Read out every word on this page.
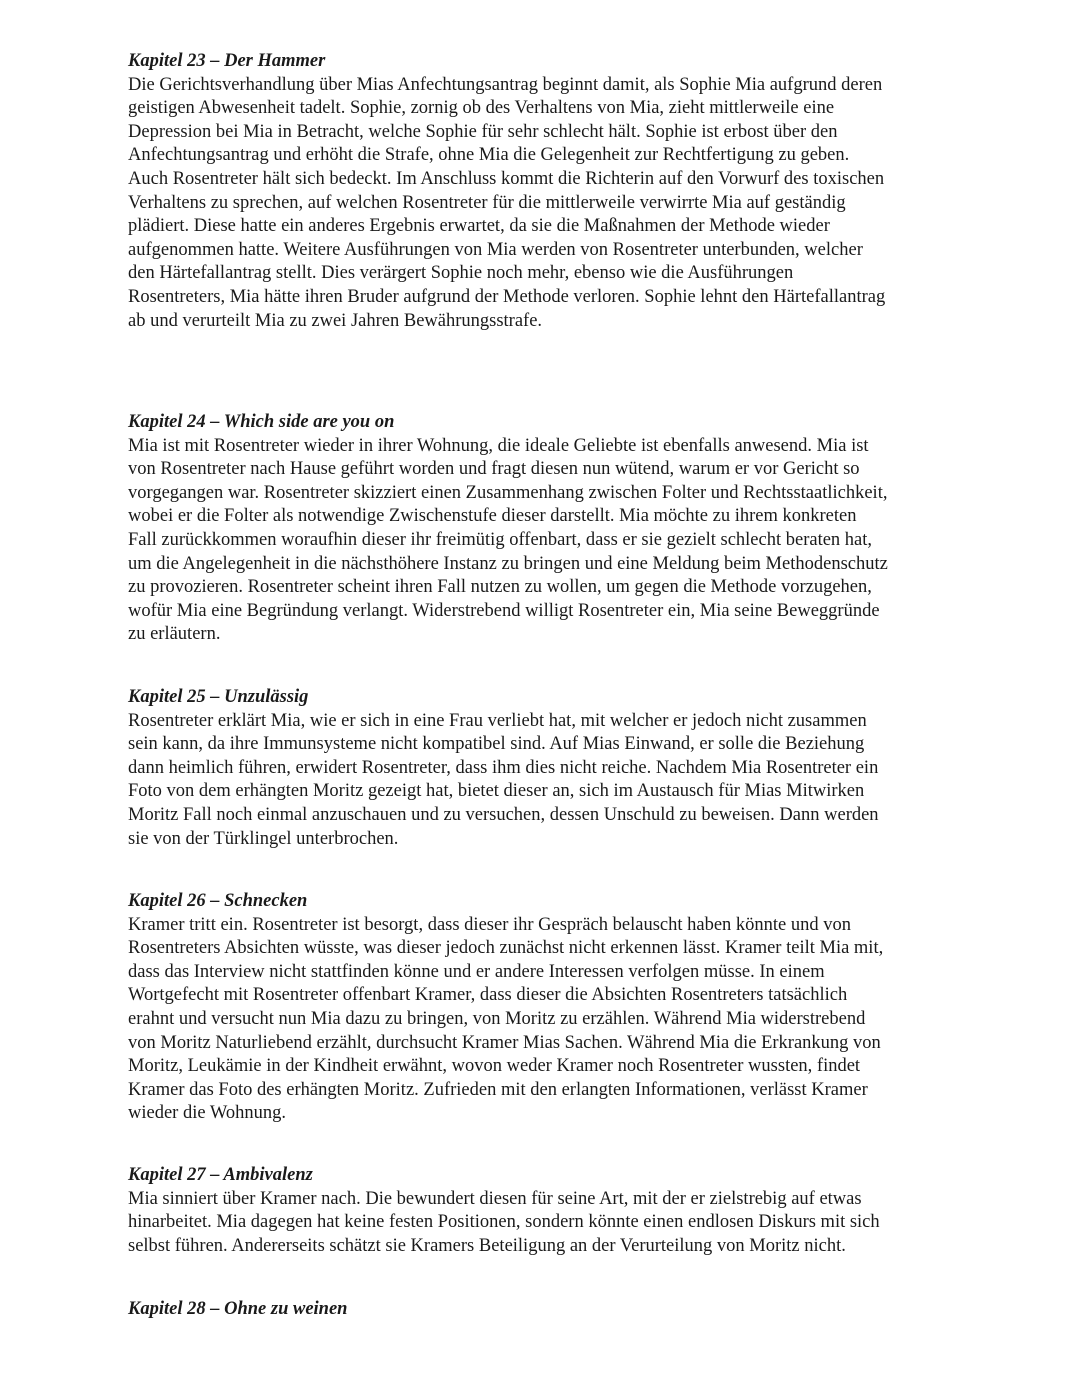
Kapitel 23 – Der Hammer

Die Gerichtsverhandlung über Mias Anfechtungsantrag beginnt damit, als Sophie Mia aufgrund deren
geistigen Abwesenheit tadelt. Sophie, zornig ob des Verhaltens von Mia, zieht mittlerweile eine
Depression bei Mia in Betracht, welche Sophie für sehr schlecht hält. Sophie ist erbost über den
Anfechtungsantrag und erhöht die Strafe, ohne Mia die Gelegenheit zur Rechtfertigung zu geben.
Auch Rosentreter hält sich bedeckt. Im Anschluss kommt die Richterin auf den Vorwurf des toxischen
Verhaltens zu sprechen, auf welchen Rosentreter für die mittlerweile verwirrte Mia auf geständig
plädiert. Diese hatte ein anderes Ergebnis erwartet, da sie die Maßnahmen der Methode wieder
aufgenommen hatte. Weitere Ausführungen von Mia werden von Rosentreter unterbunden, welcher
den Härtefallantrag stellt. Dies verärgert Sophie noch mehr, ebenso wie die Ausführungen
Rosentreters, Mia hätte ihren Bruder aufgrund der Methode verloren. Sophie lehnt den Härtefallantrag
ab und verurteilt Mia zu zwei Jahren Bewährungsstrafe.

Kapitel 24 – Which side are you on

Mia ist mit Rosentreter wieder in ihrer Wohnung, die ideale Geliebte ist ebenfalls anwesend. Mia ist
von Rosentreter nach Hause geführt worden und fragt diesen nun wütend, warum er vor Gericht so
vorgegangen war. Rosentreter skizziert einen Zusammenhang zwischen Folter und Rechtsstaatlichkeit,
wobei er die Folter als notwendige Zwischenstufe dieser darstellt. Mia möchte zu ihrem konkreten
Fall zurückkommen woraufhin dieser ihr freimütig offenbart, dass er sie gezielt schlecht beraten hat,
um die Angelegenheit in die nächsthöhere Instanz zu bringen und eine Meldung beim Methodenschutz
zu provozieren. Rosentreter scheint ihren Fall nutzen zu wollen, um gegen die Methode vorzugehen,
wofür Mia eine Begründung verlangt. Widerstrebend willigt Rosentreter ein, Mia seine Beweggründe
zu erläutern.

Kapitel 25 – Unzulässig

Rosentreter erklärt Mia, wie er sich in eine Frau verliebt hat, mit welcher er jedoch nicht zusammen
sein kann, da ihre Immunsysteme nicht kompatibel sind. Auf Mias Einwand, er solle die Beziehung
dann heimlich führen, erwidert Rosentreter, dass ihm dies nicht reiche. Nachdem Mia Rosentreter ein
Foto von dem erhängten Moritz gezeigt hat, bietet dieser an, sich im Austausch für Mias Mitwirken
Moritz Fall noch einmal anzuschauen und zu versuchen, dessen Unschuld zu beweisen. Dann werden
sie von der Türklingel unterbrochen.

Kapitel 26 – Schnecken

Kramer tritt ein. Rosentreter ist besorgt, dass dieser ihr Gespräch belauscht haben könnte und von
Rosentreters Absichten wüsste, was dieser jedoch zunächst nicht erkennen lässt. Kramer teilt Mia mit,
dass das Interview nicht stattfinden könne und er andere Interessen verfolgen müsse. In einem
Wortgefecht mit Rosentreter offenbart Kramer, dass dieser die Absichten Rosentreters tatsächlich
erahnt und versucht nun Mia dazu zu bringen, von Moritz zu erzählen. Während Mia widerstrebend
von Moritz Naturliebend erzählt, durchsucht Kramer Mias Sachen. Während Mia die Erkrankung von
Moritz, Leukämie in der Kindheit erwähnt, wovon weder Kramer noch Rosentreter wussten, findet
Kramer das Foto des erhängten Moritz. Zufrieden mit den erlangten Informationen, verlässt Kramer
wieder die Wohnung.

Kapitel 27 – Ambivalenz

Mia sinniert über Kramer nach. Die bewundert diesen für seine Art, mit der er zielstrebig auf etwas
hinarbeitet. Mia dagegen hat keine festen Positionen, sondern könnte einen endlosen Diskurs mit sich
selbst führen. Andererseits schätzt sie Kramers Beteiligung an der Verurteilung von Moritz nicht.

Kapitel 28 – Ohne zu weinen
